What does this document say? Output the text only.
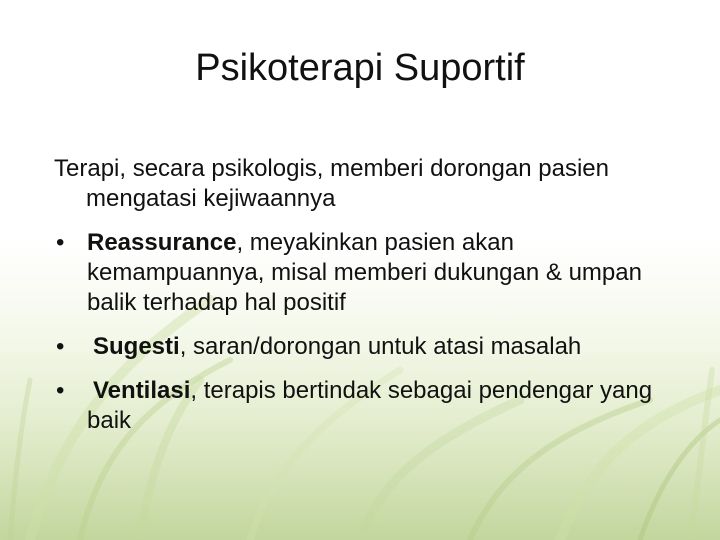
Psikoterapi Suportif

Terapi, secara psikologis, memberi dorongan pasien mengatasi kejiwaannya

• Reassurance, meyakinkan pasien akan kemampuannya, misal memberi dukungan & umpan balik terhadap hal positif
• Sugesti, saran/dorongan untuk atasi masalah
• Ventilasi, terapis bertindak sebagai pendengar yang baik
